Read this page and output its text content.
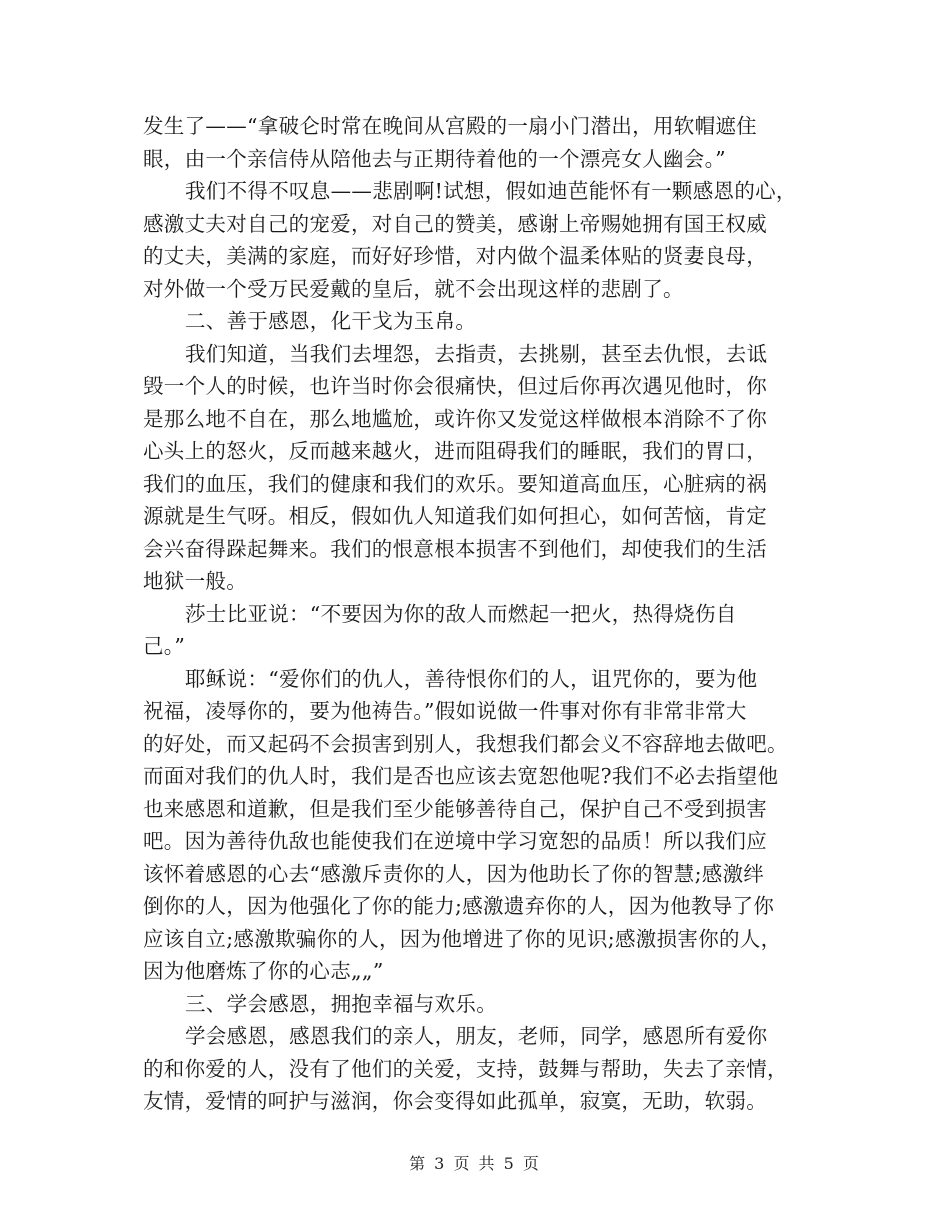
发生了——“拿破仑时常在晚间从宫殿的一扇小门潜出，用软帽遮住
眼，由一个亲信侍从陪他去与正期待着他的一个漂亮女人幽会。”
我们不得不叹息——悲剧啊!试想，假如迪芭能怀有一颗感恩的心，
感激丈夫对自己的宠爱，对自己的赞美，感谢上帝赐她拥有国王权威
的丈夫，美满的家庭，而好好珍惜，对内做个温柔体贴的贤妻良母，
对外做一个受万民爱戴的皇后，就不会出现这样的悲剧了。
二、善于感恩，化干戈为玉帛。
我们知道，当我们去埋怨，去指责，去挑剔，甚至去仇恨，去诋
毁一个人的时候，也许当时你会很痛快，但过后你再次遇见他时，你
是那么地不自在，那么地尴尬，或许你又发觉这样做根本消除不了你
心头上的怒火，反而越来越火，进而阻碍我们的睡眠，我们的胃口，
我们的血压，我们的健康和我们的欢乐。要知道高血压，心脏病的祸
源就是生气呀。相反，假如仇人知道我们如何担心，如何苦恼，肯定
会兴奋得跺起舞来。我们的恨意根本损害不到他们，却使我们的生活
地狱一般。
莎士比亚说：“不要因为你的敌人而燃起一把火，热得烧伤自
己。”
耶稣说：“爱你们的仇人，善待恨你们的人，诅咒你的，要为他
祝福，凌辱你的，要为他祷告。”假如说做一件事对你有非常非常大
的好处，而又起码不会损害到别人，我想我们都会义不容辞地去做吧。
而面对我们的仇人时，我们是否也应该去宽恕他呢?我们不必去指望他
也来感恩和道歉，但是我们至少能够善待自己，保护自己不受到损害
吧。因为善待仇敌也能使我们在逆境中学习宽恕的品质！所以我们应
该怀着感恩的心去“感激斥责你的人，因为他助长了你的智慧;感激绊
倒你的人，因为他强化了你的能力;感激遗弃你的人，因为他教导了你
应该自立;感激欺骗你的人，因为他增进了你的见识;感激损害你的人，
因为他磨炼了你的心志„„”
三、学会感恩，拥抱幸福与欢乐。
学会感恩，感恩我们的亲人，朋友，老师，同学，感恩所有爱你
的和你爱的人，没有了他们的关爱，支持，鼓舞与帮助，失去了亲情，
友情，爱情的呵护与滋润，你会变得如此孤单，寂寞，无助，软弱。
第 3 页 共 5 页
